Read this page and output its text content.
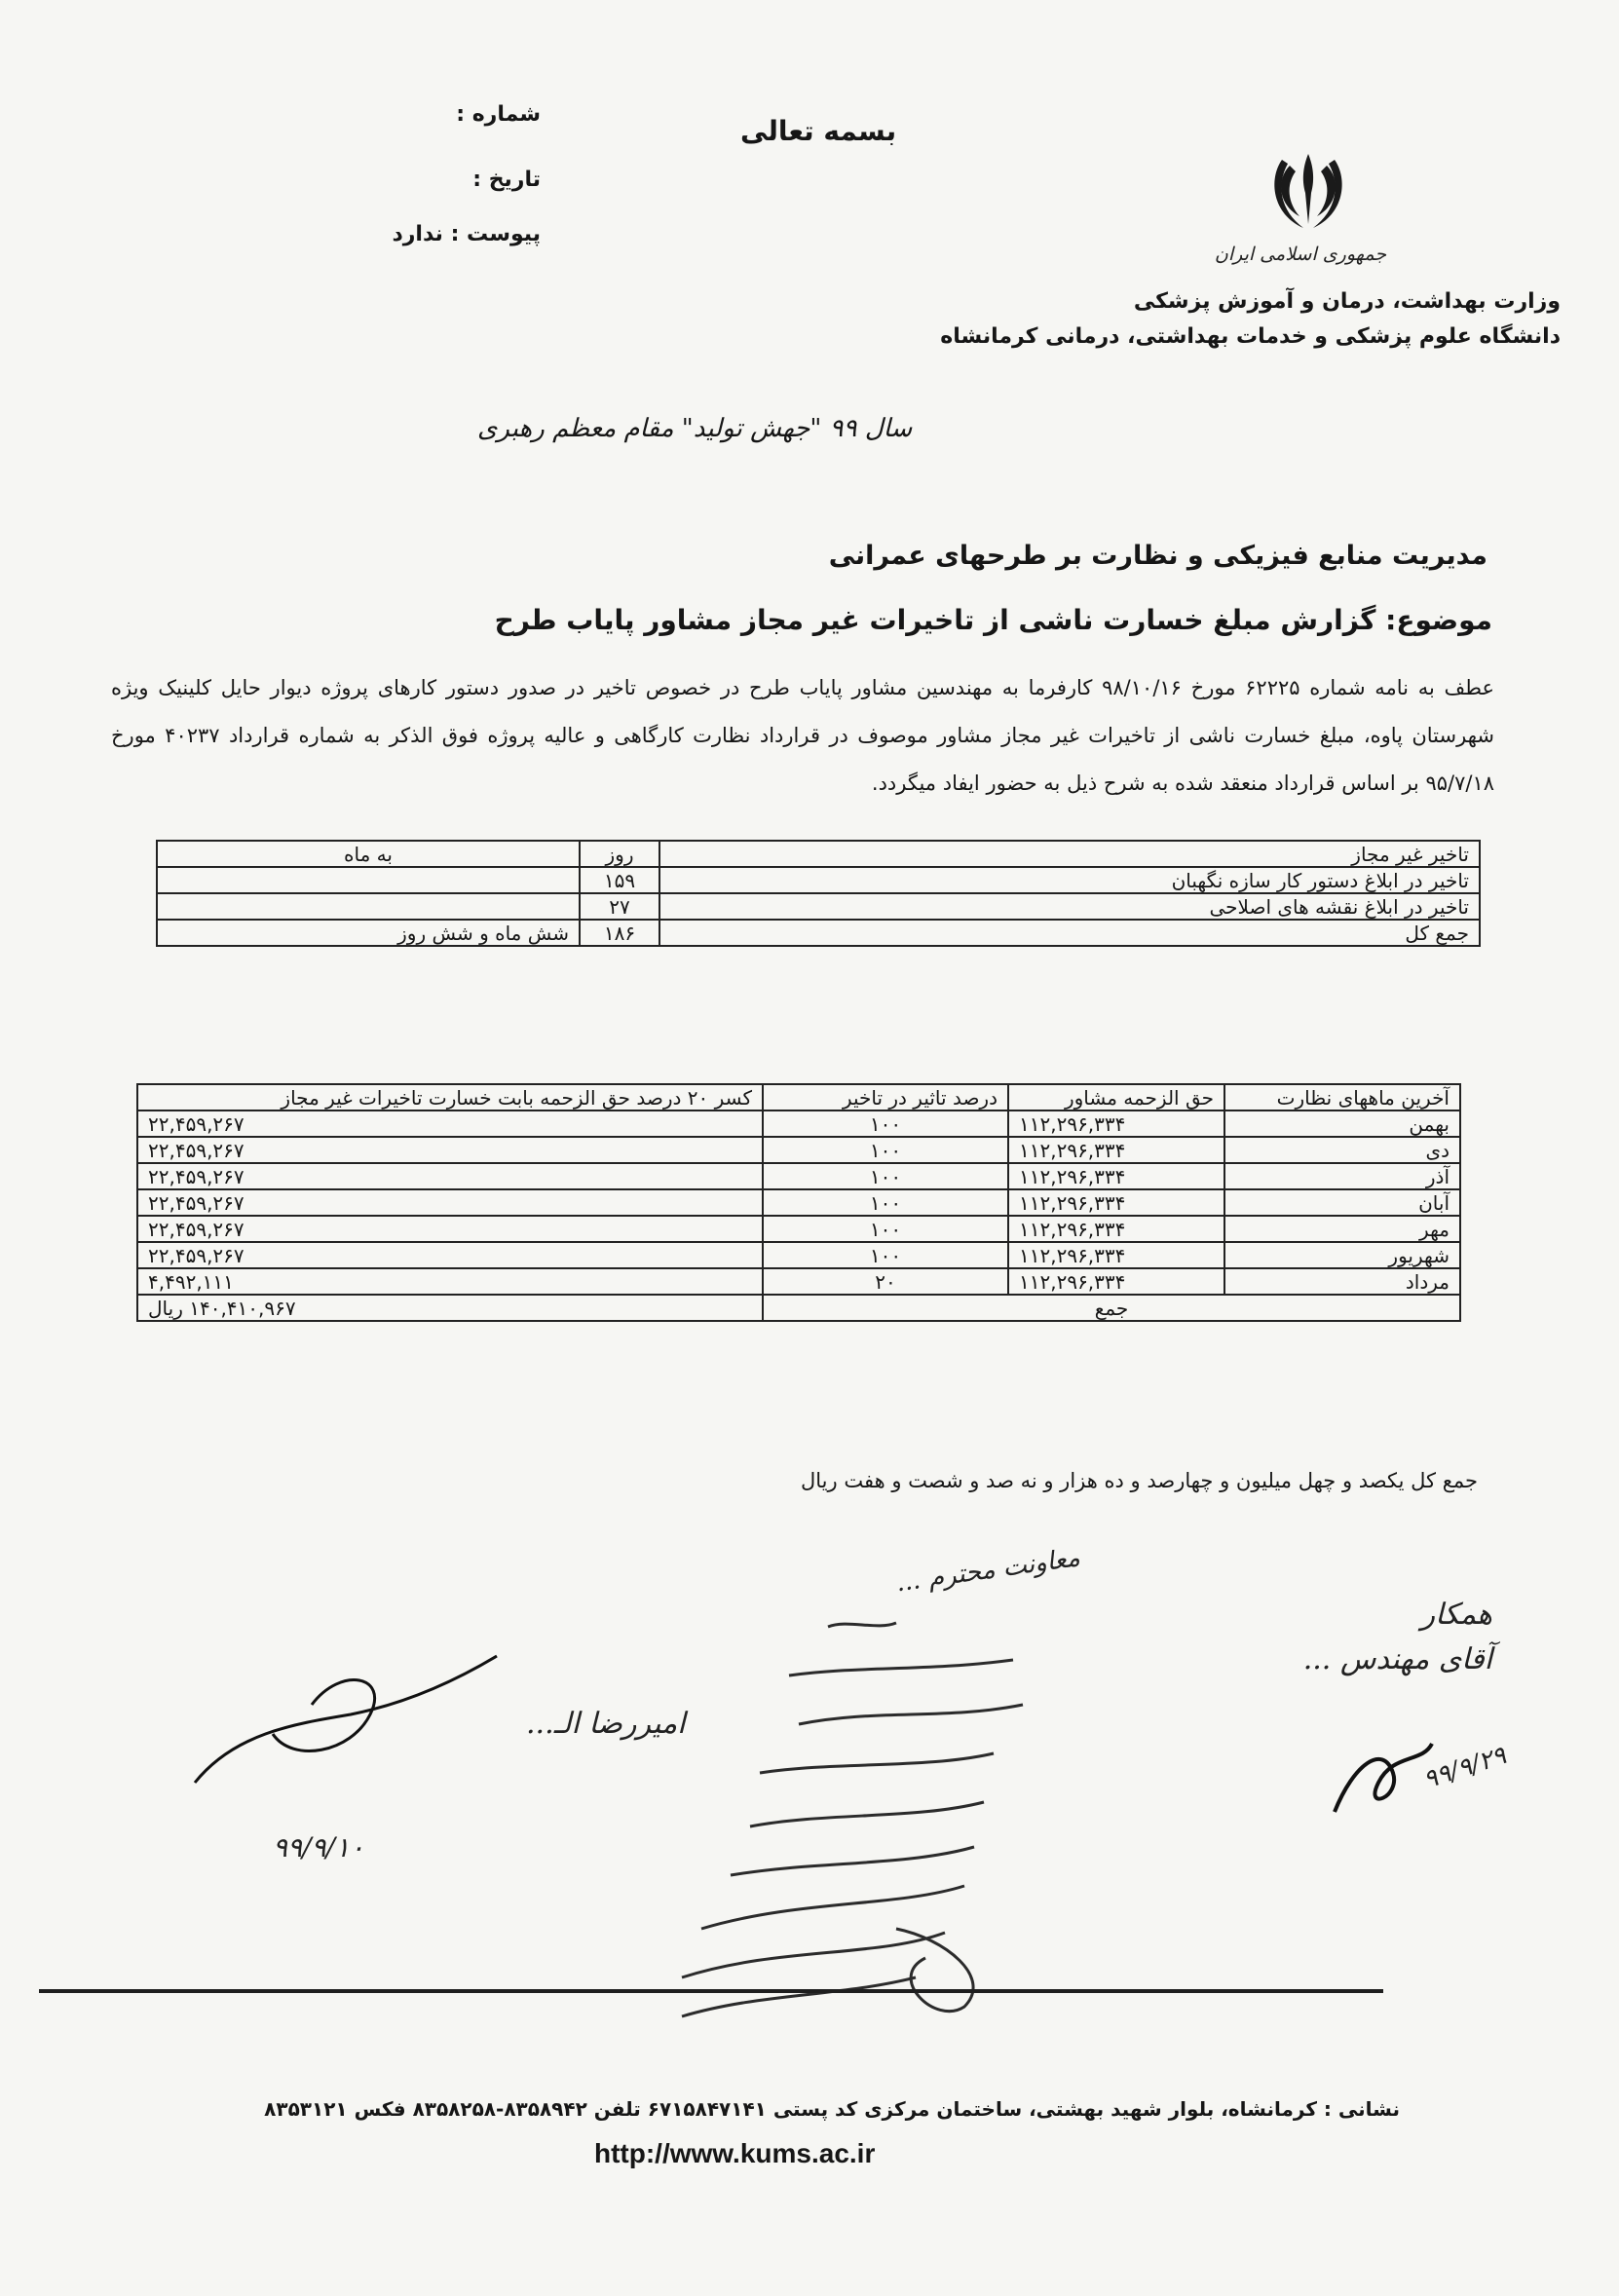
بسمه تعالی
شماره :
تاریخ :
پیوست : ندارد
جمهوری اسلامی ایران
وزارت بهداشت، درمان و آموزش پزشکی
دانشگاه علوم پزشکی و خدمات بهداشتی، درمانی کرمانشاه
سال ۹۹ "جهش تولید" مقام معظم رهبری
مدیریت منابع فیزیکی و نظارت بر طرحهای عمرانی
موضوع: گزارش مبلغ خسارت ناشی از تاخیرات غیر مجاز مشاور پایاب طرح
عطف به نامه شماره ۶۲۲۲۵ مورخ ۹۸/۱۰/۱۶ کارفرما به مهندسین مشاور پایاب طرح در خصوص تاخیر در صدور دستور کارهای پروژه دیوار حایل کلینیک ویژه شهرستان پاوه، مبلغ خسارت ناشی از تاخیرات غیر مجاز مشاور موصوف در قرارداد نظارت کارگاهی و عالیه پروژه فوق الذکر به شماره قرارداد ۴۰۲۳۷ مورخ ۹۵/۷/۱۸ بر اساس قرارداد منعقد شده به شرح ذیل به حضور ایفاد میگردد.
تاخیر غیر مجاز	روز	به ماه
تاخیر در ابلاغ دستور کار سازه نگهبان	۱۵۹	
تاخیر در ابلاغ نقشه های اصلاحی	۲۷	
جمع کل	۱۸۶	شش ماه و شش روز
آخرین ماههای نظارت	حق الزحمه مشاور	درصد تاثیر در تاخیر	کسر ۲۰ درصد حق الزحمه بابت خسارت تاخیرات غیر مجاز
بهمن	۱۱۲,۲۹۶,۳۳۴	۱۰۰	۲۲,۴۵۹,۲۶۷
دی	۱۱۲,۲۹۶,۳۳۴	۱۰۰	۲۲,۴۵۹,۲۶۷
آذر	۱۱۲,۲۹۶,۳۳۴	۱۰۰	۲۲,۴۵۹,۲۶۷
آبان	۱۱۲,۲۹۶,۳۳۴	۱۰۰	۲۲,۴۵۹,۲۶۷
مهر	۱۱۲,۲۹۶,۳۳۴	۱۰۰	۲۲,۴۵۹,۲۶۷
شهریور	۱۱۲,۲۹۶,۳۳۴	۱۰۰	۲۲,۴۵۹,۲۶۷
مرداد	۱۱۲,۲۹۶,۳۳۴	۲۰	۴,۴۹۲,۱۱۱
جمع			۱۴۰,۴۱۰,۹۶۷ ریال
جمع کل یکصد و چهل میلیون و چهارصد و ده هزار و نه صد و شصت و هفت ریال
همکار
آقای مهندس ...
۹۹/۹/۲۹
معاونت محترم ...
امیررضا الـ...
۹۹/۹/۱۰
نشانی : کرمانشاه، بلوار شهید بهشتی، ساختمان مرکزی کد پستی ۶۷۱۵۸۴۷۱۴۱ تلفن ۸۳۵۸۹۴۲-۸۳۵۸۲۵۸ فکس ۸۳۵۳۱۲۱
http://www.kums.ac.ir
